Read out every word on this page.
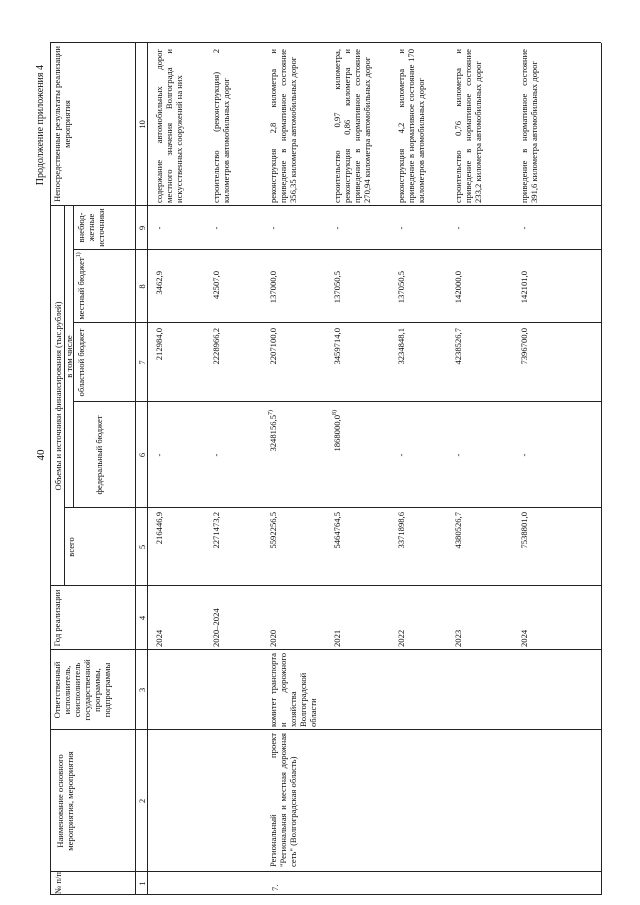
40
Продолжение приложения 4
№ п/п
Наименование основного мероприятия, мероприятия
Ответственный исполнитель, соисполнитель государственной программы, подпрограммы
Год реализации
Объемы и источники финансирования (тыс.рублей)
всего
в том числе
федеральный бюджет
областной бюджет
местный бюджет$^{1)}$
внебюд- жетные источники
Непосредственные результаты реализации мероприятия
1
2
3
4
5
6
7
8
9
10
2024
216446,9
-
212984,0
3462,9
-
содержание автомобильных дорог местного значения Волгограда и искусственных сооружений на них
2020–2024
2271473,2
-
2228966,2
42507,0
-
строительство (реконструкция) 2 километров автомобильных дорог
7.
Региональный проект "Региональная и местная дорожная сеть" (Волгоградская область)
комитет транспорта и дорожного хозяйства Волгоградской области
2020
5592256,5
3248156,5$^{7)}$
2207100,0
137000,0
-
реконструкция 2,8 километра и приведение в нормативное состояние 356,35 километра автомобильных дорог
2021
5464764,5
1868000,0$^{8)}$
3459714,0
137050,5
-
строительство 0,97 километра, реконструкция 0,86 километра и приведение в нормативное состояние 270,94 километра автомобильных дорог
2022
3371898,6
-
3234848,1
137050,5
-
реконструкция 4,2 километра и приведение в нормативное состояние 170 километров автомобильных дорог
2023
4380526,7
-
4238526,7
142000,0
-
строительство 0,76 километра и приведение в нормативное состояние 233,2 километра автомобильных дорог
2024
7538801,0
-
7396700,0
142101,0
-
приведение в нормативное состояние 391,6 километра автомобильных дорог
